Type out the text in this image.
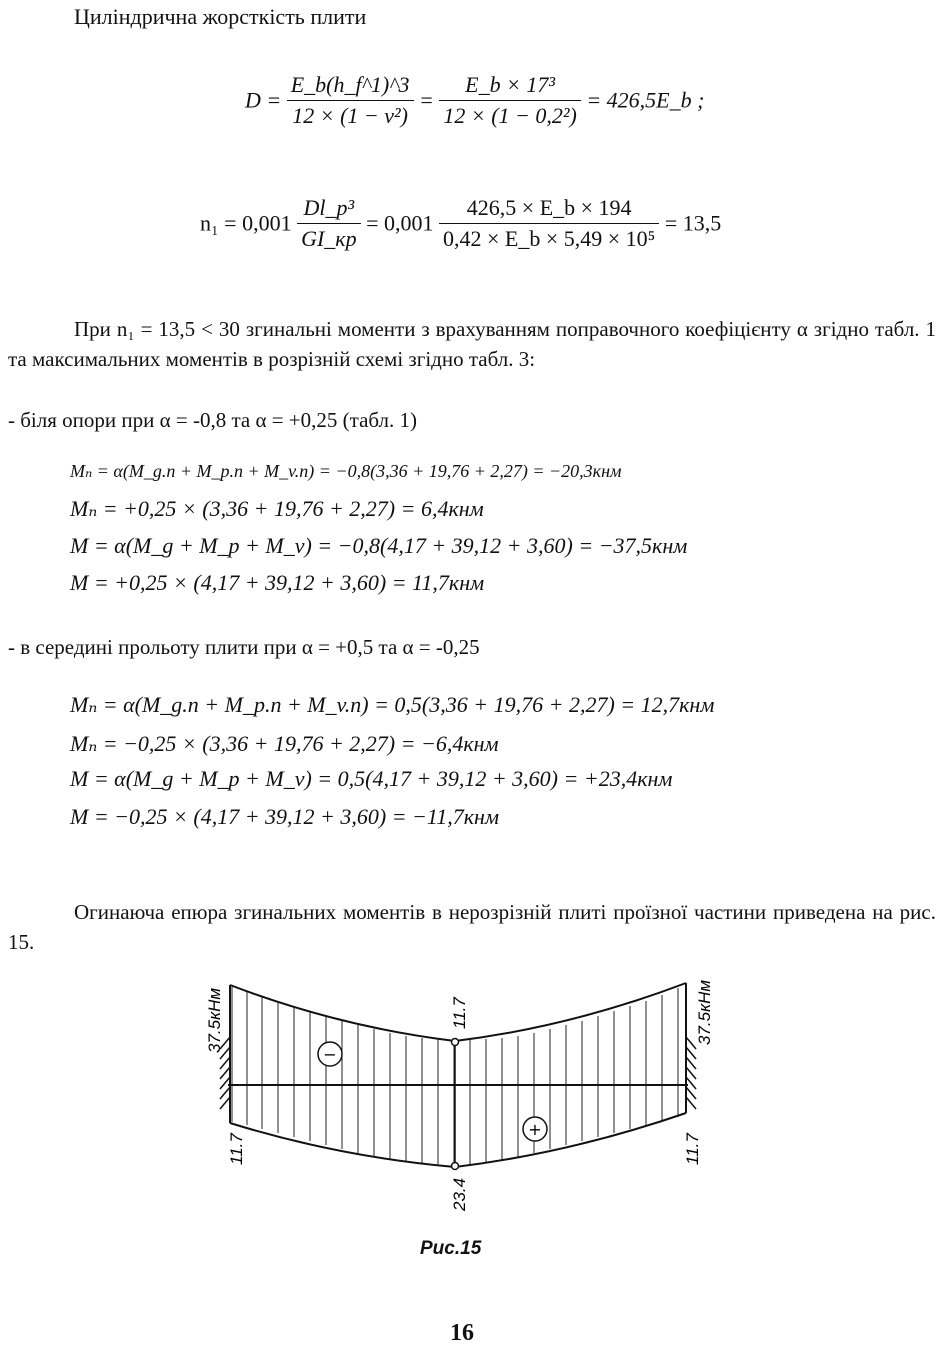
Циліндрична жорсткість плити
$D = \frac{E\_b(h\_f\^{}1)\^{}3}{\text{12 × (1 − ν²)}} = \frac{\text{E\_b × 17³}}{\text{12 × (1 − 0,2²)}}$ = 426,5E_b ;
$n_1 = 0,001 \frac{\text{Dl\_p³}}{GI\_кр} = 0,001 \frac{426,5 \times E\_b \times 194}{\text{0,42 × E\_b × 5,49 × 10⁵}} = 13,5$
При n₁ = 13,5 < 30 згинальні моменти з врахуванням поправочного коефіцієнту α згідно табл. 1 та максимальних моментів в розрізній схемі згідно табл. 3:
- біля опори при α = -0,8 та α = +0,25 (табл. 1)
Mₙ = α(M_g.n + M_p.n + M_v.n) = −0,8(3,36 + 19,76 + 2,27) = −20,3кнм
Mₙ = +0,25 × (3,36 + 19,76 + 2,27) = 6,4кнм
M = α(M_g + M_p + M_v) = −0,8(4,17 + 39,12 + 3,60) = −37,5кнм
M = +0,25 × (4,17 + 39,12 + 3,60) = 11,7кнм
- в середині прольоту плити при α = +0,5 та α = -0,25
Mₙ = α(M_g.n + M_p.n + M_v.n) = 0,5(3,36 + 19,76 + 2,27) = 12,7кнм
Mₙ = −0,25 × (3,36 + 19,76 + 2,27) = −6,4кнм
M = α(M_g + M_p + M_v) = 0,5(4,17 + 39,12 + 3,60) = +23,4кнм
M = −0,25 × (4,17 + 39,12 + 3,60) = −11,7кнм
Огинаюча епюра згинальних моментів в нерозрізній плиті проїзної частини приведена на рис. 15.
−
+
37.5кНм	37.5кНм
11.7
11.7	11.7
23.4
Рис.15
16
